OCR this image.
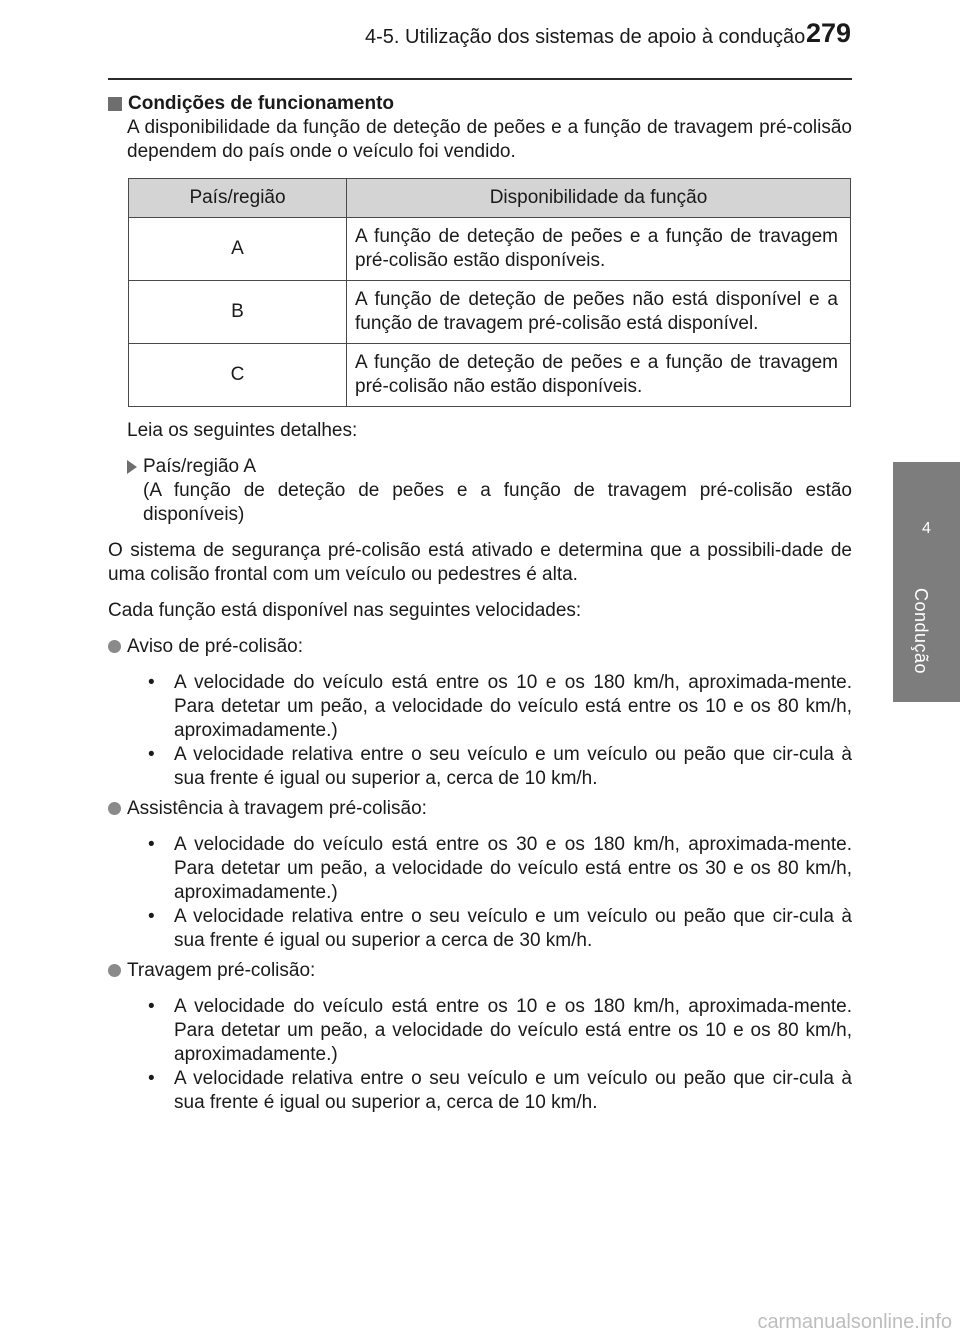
4-5. Utilização dos sistemas de apoio à condução 279
4
Condução
Condições de funcionamento

A disponibilidade da função de deteção de peões e a função de travagem pré-colisão dependem do país onde o veículo foi vendido.

País/região	Disponibilidade da função
A	A função de deteção de peões e a função de travagem pré-colisão estão disponíveis.
B	A função de deteção de peões não está disponível e a função de travagem pré-colisão está disponível.
C	A função de deteção de peões e a função de travagem pré-colisão não estão disponíveis.

Leia os seguintes detalhes:

País/região A
(A função de deteção de peões e a função de travagem pré-colisão estão disponíveis)

O sistema de segurança pré-colisão está ativado e determina que a possibili-dade de uma colisão frontal com um veículo ou pedestres é alta.

Cada função está disponível nas seguintes velocidades:

Aviso de pré-colisão:
•	A velocidade do veículo está entre os 10 e os 180 km/h, aproximada-mente. Para detetar um peão, a velocidade do veículo está entre os 10 e os 80 km/h, aproximadamente.)
•	A velocidade relativa entre o seu veículo e um veículo ou peão que cir-cula à sua frente é igual ou superior a, cerca de 10 km/h.
Assistência à travagem pré-colisão:
•	A velocidade do veículo está entre os 30 e os 180 km/h, aproximada-mente. Para detetar um peão, a velocidade do veículo está entre os 30 e os 80 km/h, aproximadamente.)
•	A velocidade relativa entre o seu veículo e um veículo ou peão que cir-cula à sua frente é igual ou superior a cerca de 30 km/h.
Travagem pré-colisão:
•	A velocidade do veículo está entre os 10 e os 180 km/h, aproximada-mente. Para detetar um peão, a velocidade do veículo está entre os 10 e os 80 km/h, aproximadamente.)
•	A velocidade relativa entre o seu veículo e um veículo ou peão que cir-cula à sua frente é igual ou superior a, cerca de 10 km/h.
carmanualsonline.info
